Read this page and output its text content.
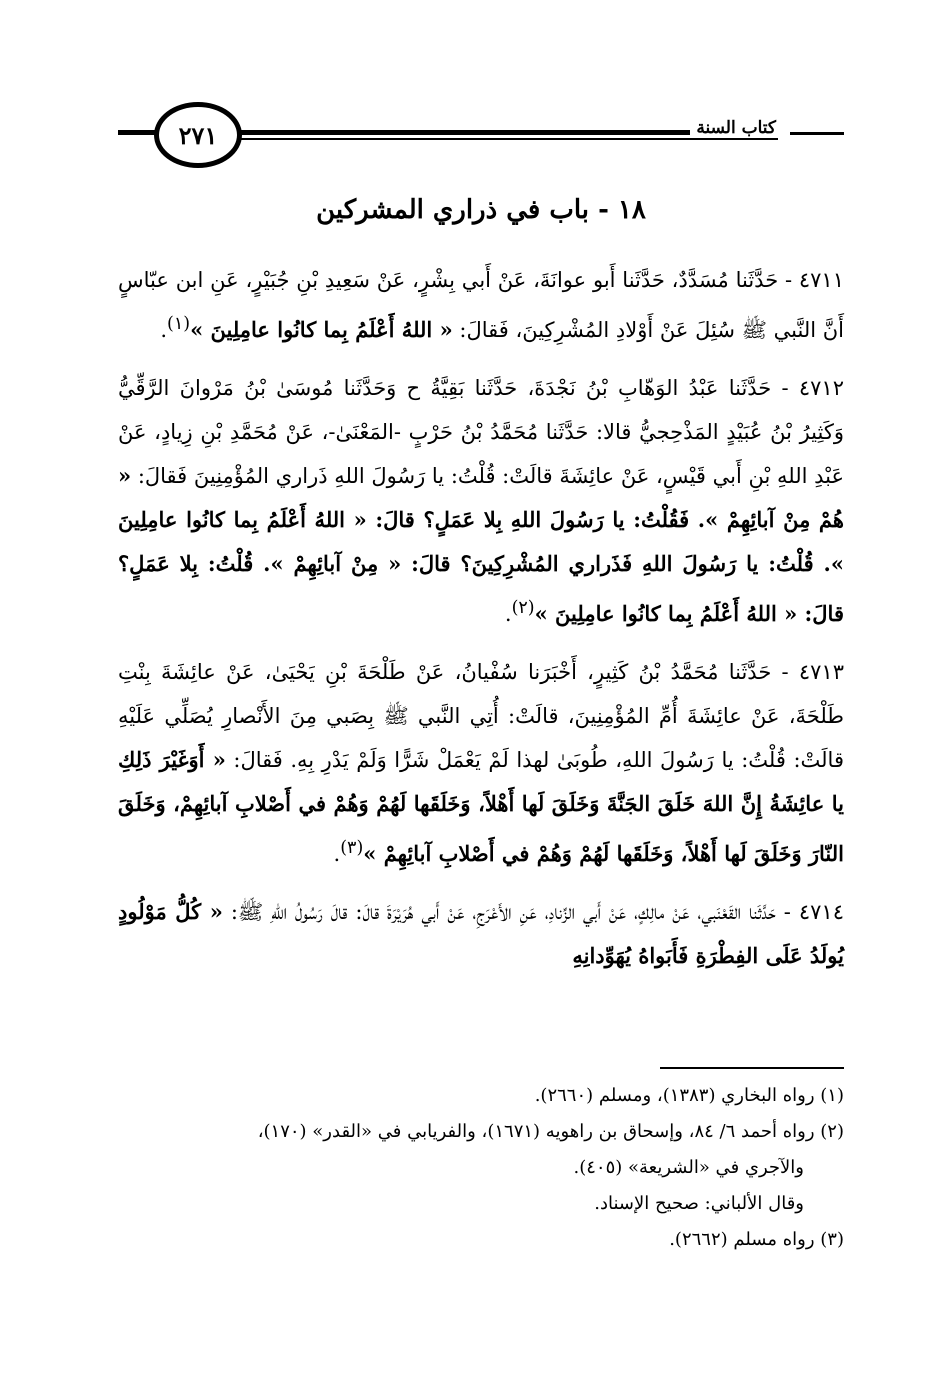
٢٧١	كتاب السنة
١٨ - باب في ذراري المشركين

٤٧١١ - حَدَّثَنا مُسَدَّدٌ، حَدَّثَنا أَبو عوانَةَ، عَنْ أَبي بِشْرٍ، عَنْ سَعِيدِ بْنِ جُبَيْرٍ، عَنِ ابن عبّاسٍ أَنَّ النَّبي ﷺ سُئِلَ عَنْ أَوْلادِ المُشْرِكِينَ، فَقالَ: « اللهُ أَعْلَمُ بِما كانُوا عامِلِينَ »$^{(١)}$.

٤٧١٢ - حَدَّثَنا عَبْدُ الوَهّابِ بْنُ نَجْدَةَ، حَدَّثَنا بَقِيَّةُ ح وَحَدَّثَنا مُوسَىٰ بْنُ مَرْوانَ الرَّقِّيُّ وَكَثِيرُ بْنُ عُبَيْدٍ المَذْحِجيُّ قالا: حَدَّثَنا مُحَمَّدُ بْنُ حَرْبٍ -المَعْنَىٰ-، عَنْ مُحَمَّدِ بْنِ زِيادٍ، عَنْ عَبْدِ اللهِ بْنِ أَبي قَيْسٍ، عَنْ عائِشَةَ قالَتْ: قُلْتُ: يا رَسُولَ اللهِ ذَراري المُؤْمِنِينَ فَقالَ: « هُمْ مِنْ آبائِهِمْ ». فَقُلْتُ: يا رَسُولَ اللهِ بِلا عَمَلٍ؟ قالَ: « اللهُ أَعْلَمُ بِما كانُوا عامِلِينَ ». قُلْتُ: يا رَسُولَ اللهِ فَذَراري المُشْرِكِينَ؟ قالَ: « مِنْ آبائِهِمْ ». قُلْتُ: بِلا عَمَلٍ؟ قالَ: « اللهُ أَعْلَمُ بِما كانُوا عامِلِينَ »$^{(٢)}$.

٤٧١٣ - حَدَّثَنا مُحَمَّدُ بْنُ كَثِيرٍ، أَخْبَرَنا سُفْيانُ، عَنْ طَلْحَةَ بْنِ يَحْيَىٰ، عَنْ عائِشَةَ بِنْتِ طَلْحَةَ، عَنْ عائِشَةَ أُمِّ المُؤْمِنِينَ، قالَتْ: أُتِي النَّبي ﷺ بِصَبي مِنَ الأَنْصارِ يُصَلِّي عَلَيْهِ قالَتْ: قُلْتُ: يا رَسُولَ اللهِ، طُوبَىٰ لهذا لَمْ يَعْمَلْ شَرًّا وَلَمْ يَدْرِ بِهِ. فَقالَ: « أَوَغَيْرَ ذَلِكِ يا عائِشَةُ إِنَّ اللهَ خَلَقَ الجَنَّةَ وَخَلَقَ لَها أَهْلاً، وَخَلَقَها لَهُمْ وَهُمْ في أَصْلابِ آبائِهِمْ، وَخَلَقَ النّارَ وَخَلَقَ لَها أَهْلاً، وَخَلَقَها لَهُمْ وَهُمْ في أَصْلابِ آبائِهِمْ »$^{(٣)}$.

٤٧١٤ - حَدَّثَنا القَعْنَبي، عَنْ مالِكٍ، عَنْ أَبي الزِّنادِ، عَنِ الأَعْرَجِ، عَنْ أَبي هُرَيْرَةَ قالَ: قالَ رَسُولُ اللهِ ﷺ: « كُلُّ مَوْلُودٍ يُولَدُ عَلَى الفِطْرَةِ فَأَبَواهُ يُهَوِّدانِهِ

(١) رواه البخاري (١٣٨٣)، ومسلم (٢٦٦٠).

(٢) رواه أحمد ٦/ ٨٤، وإسحاق بن راهويه (١٦٧١)، والفريابي في «القدر» (١٧٠)،

والآجري في «الشريعة» (٤٠٥).

وقال الألباني: صحيح الإسناد.

(٣) رواه مسلم (٢٦٦٢).
